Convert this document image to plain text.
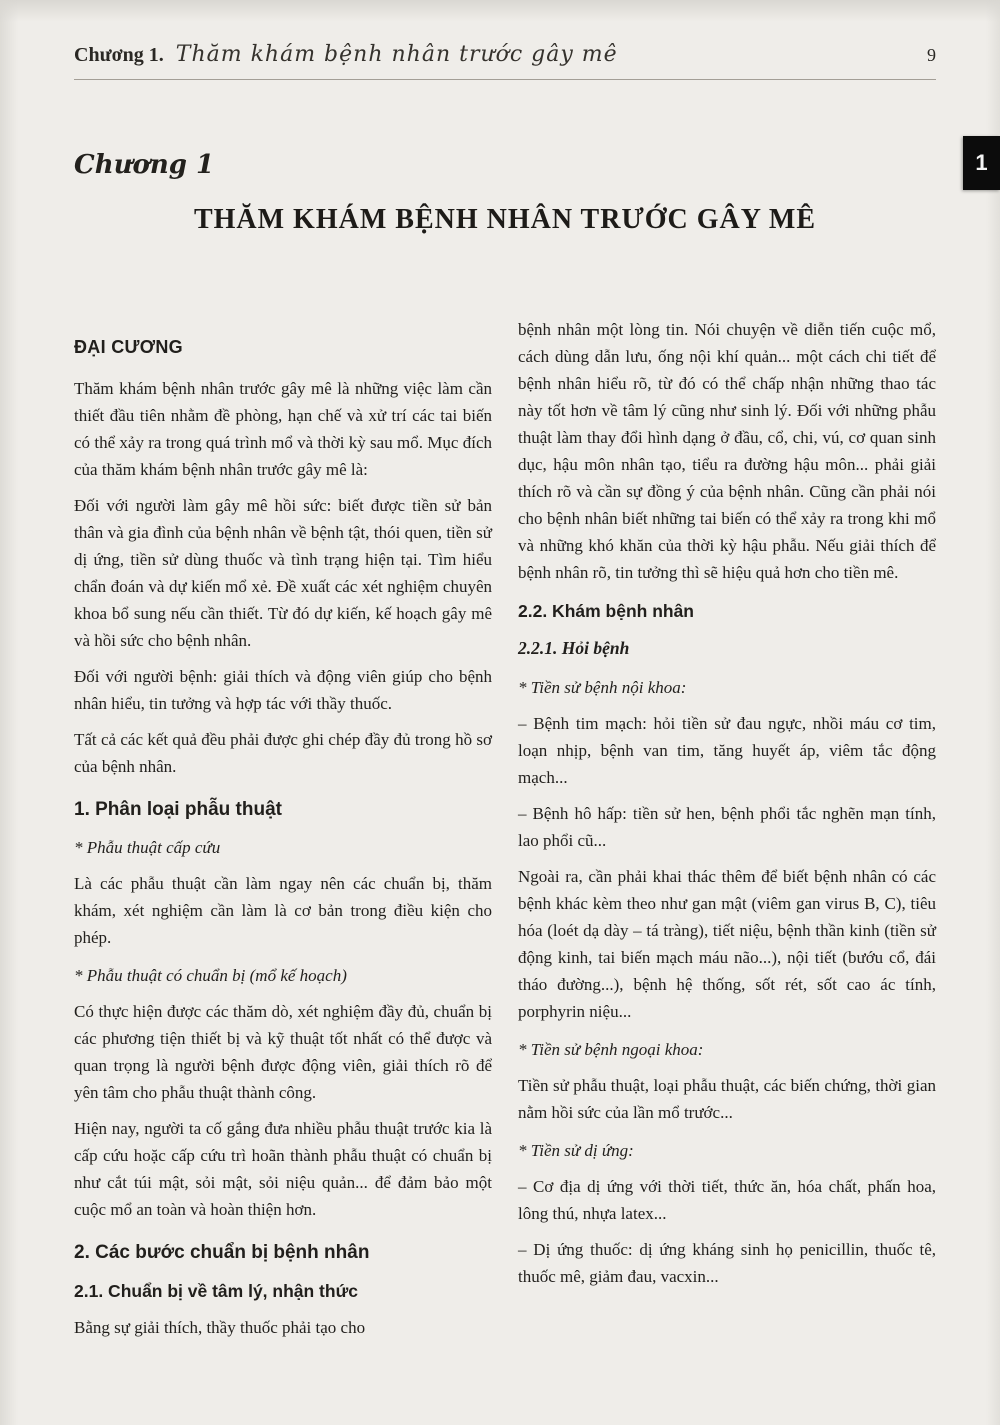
Chương 1. Thăm khám bệnh nhân trước gây mê	9
1
Chương 1
THĂM KHÁM BỆNH NHÂN TRƯỚC GÂY MÊ
ĐẠI CƯƠNG
Thăm khám bệnh nhân trước gây mê là những việc làm cần thiết đầu tiên nhằm đề phòng, hạn chế và xử trí các tai biến có thể xảy ra trong quá trình mổ và thời kỳ sau mổ. Mục đích của thăm khám bệnh nhân trước gây mê là:
Đối với người làm gây mê hồi sức: biết được tiền sử bản thân và gia đình của bệnh nhân về bệnh tật, thói quen, tiền sử dị ứng, tiền sử dùng thuốc và tình trạng hiện tại. Tìm hiểu chẩn đoán và dự kiến mổ xẻ. Đề xuất các xét nghiệm chuyên khoa bổ sung nếu cần thiết. Từ đó dự kiến, kế hoạch gây mê và hồi sức cho bệnh nhân.
Đối với người bệnh: giải thích và động viên giúp cho bệnh nhân hiểu, tin tưởng và hợp tác với thầy thuốc.
Tất cả các kết quả đều phải được ghi chép đầy đủ trong hồ sơ của bệnh nhân.
1. Phân loại phẫu thuật
* Phẫu thuật cấp cứu
Là các phẫu thuật cần làm ngay nên các chuẩn bị, thăm khám, xét nghiệm cần làm là cơ bản trong điều kiện cho phép.
* Phẫu thuật có chuẩn bị (mổ kế hoạch)
Có thực hiện được các thăm dò, xét nghiệm đầy đủ, chuẩn bị các phương tiện thiết bị và kỹ thuật tốt nhất có thể được và quan trọng là người bệnh được động viên, giải thích rõ để yên tâm cho phẫu thuật thành công.
Hiện nay, người ta cố gắng đưa nhiều phẫu thuật trước kia là cấp cứu hoặc cấp cứu trì hoãn thành phẫu thuật có chuẩn bị như cắt túi mật, sỏi mật, sỏi niệu quản... để đảm bảo một cuộc mổ an toàn và hoàn thiện hơn.
2. Các bước chuẩn bị bệnh nhân
2.1. Chuẩn bị về tâm lý, nhận thức
Bằng sự giải thích, thầy thuốc phải tạo cho
bệnh nhân một lòng tin. Nói chuyện về diễn tiến cuộc mổ, cách dùng dẫn lưu, ống nội khí quản... một cách chi tiết để bệnh nhân hiểu rõ, từ đó có thể chấp nhận những thao tác này tốt hơn về tâm lý cũng như sinh lý. Đối với những phẫu thuật làm thay đổi hình dạng ở đầu, cổ, chi, vú, cơ quan sinh dục, hậu môn nhân tạo, tiểu ra đường hậu môn... phải giải thích rõ và cần sự đồng ý của bệnh nhân. Cũng cần phải nói cho bệnh nhân biết những tai biến có thể xảy ra trong khi mổ và những khó khăn của thời kỳ hậu phẫu. Nếu giải thích để bệnh nhân rõ, tin tưởng thì sẽ hiệu quả hơn cho tiền mê.
2.2. Khám bệnh nhân
2.2.1. Hỏi bệnh
* Tiền sử bệnh nội khoa:
– Bệnh tim mạch: hỏi tiền sử đau ngực, nhồi máu cơ tim, loạn nhịp, bệnh van tim, tăng huyết áp, viêm tắc động mạch...
– Bệnh hô hấp: tiền sử hen, bệnh phổi tắc nghẽn mạn tính, lao phổi cũ...
Ngoài ra, cần phải khai thác thêm để biết bệnh nhân có các bệnh khác kèm theo như gan mật (viêm gan virus B, C), tiêu hóa (loét dạ dày – tá tràng), tiết niệu, bệnh thần kinh (tiền sử động kinh, tai biến mạch máu não...), nội tiết (bướu cổ, đái tháo đường...), bệnh hệ thống, sốt rét, sốt cao ác tính, porphyrin niệu...
* Tiền sử bệnh ngoại khoa:
Tiền sử phẫu thuật, loại phẫu thuật, các biến chứng, thời gian nằm hồi sức của lần mổ trước...
* Tiền sử dị ứng:
– Cơ địa dị ứng với thời tiết, thức ăn, hóa chất, phấn hoa, lông thú, nhựa latex...
– Dị ứng thuốc: dị ứng kháng sinh họ penicillin, thuốc tê, thuốc mê, giảm đau, vacxin...
